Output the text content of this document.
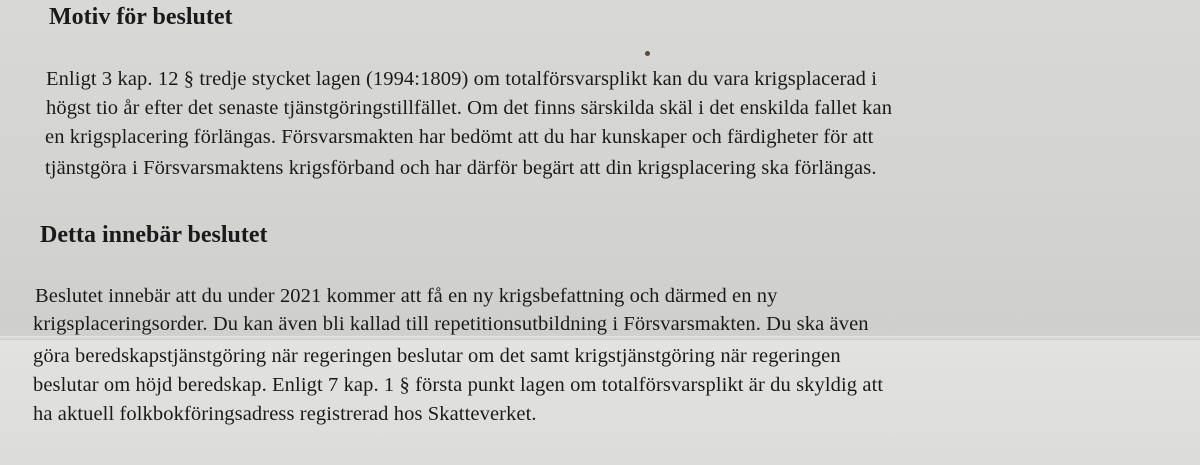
Motiv för beslutet

Enligt 3 kap. 12 § tredje stycket lagen (1994:1809) om totalförsvarsplikt kan du vara krigsplacerad i

högst tio år efter det senaste tjänstgöringstillfället. Om det finns särskilda skäl i det enskilda fallet kan

en krigsplacering förlängas. Försvarsmakten har bedömt att du har kunskaper och färdigheter för att

tjänstgöra i Försvarsmaktens krigsförband och har därför begärt att din krigsplacering ska förlängas.

Detta innebär beslutet

Beslutet innebär att du under 2021 kommer att få en ny krigsbefattning och därmed en ny

krigsplaceringsorder. Du kan även bli kallad till repetitionsutbildning i Försvarsmakten. Du ska även

göra beredskapstjänstgöring när regeringen beslutar om det samt krigstjänstgöring när regeringen

beslutar om höjd beredskap. Enligt 7 kap. 1 § första punkt lagen om totalförsvarsplikt är du skyldig att

ha aktuell folkbokföringsadress registrerad hos Skatteverket.
